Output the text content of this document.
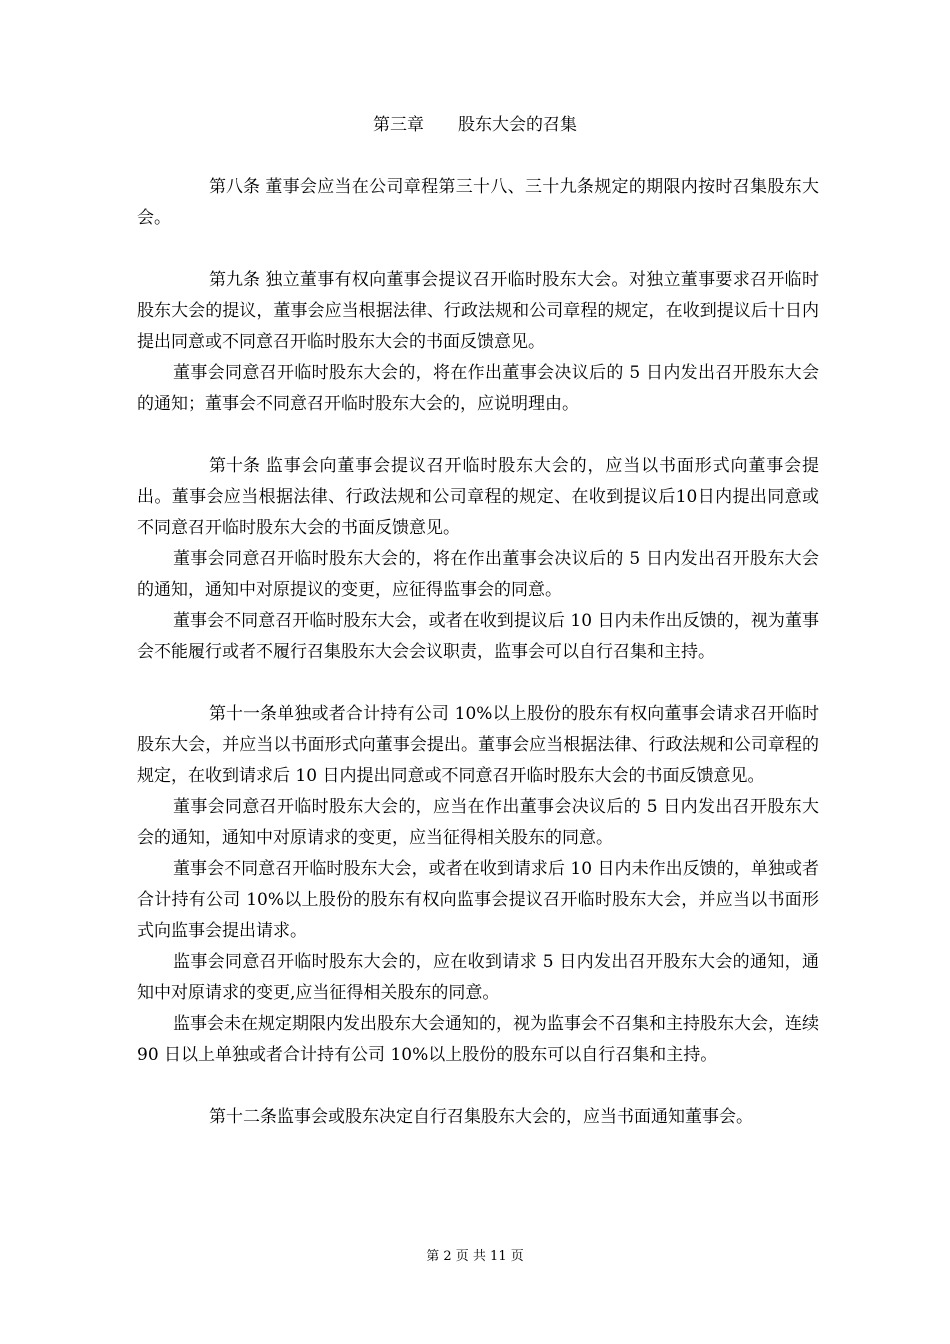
第三章 股东大会的召集

第八条 董事会应当在公司章程第三十八、三十九条规定的期限内按时召集股东大会。

第九条 独立董事有权向董事会提议召开临时股东大会。对独立董事要求召开临时股东大会的提议，董事会应当根据法律、行政法规和公司章程的规定，在收到提议后十日内提出同意或不同意召开临时股东大会的书面反馈意见。

董事会同意召开临时股东大会的，将在作出董事会决议后的 5 日内发出召开股东大会的通知；董事会不同意召开临时股东大会的，应说明理由。

第十条 监事会向董事会提议召开临时股东大会的，应当以书面形式向董事会提出。董事会应当根据法律、行政法规和公司章程的规定、在收到提议后10日内提出同意或不同意召开临时股东大会的书面反馈意见。

董事会同意召开临时股东大会的，将在作出董事会决议后的 5 日内发出召开股东大会的通知，通知中对原提议的变更，应征得监事会的同意。

董事会不同意召开临时股东大会，或者在收到提议后 10 日内未作出反馈的，视为董事会不能履行或者不履行召集股东大会会议职责，监事会可以自行召集和主持。

第十一条单独或者合计持有公司 10%以上股份的股东有权向董事会请求召开临时股东大会，并应当以书面形式向董事会提出。董事会应当根据法律、行政法规和公司章程的规定，在收到请求后 10 日内提出同意或不同意召开临时股东大会的书面反馈意见。

董事会同意召开临时股东大会的，应当在作出董事会决议后的 5 日内发出召开股东大会的通知，通知中对原请求的变更，应当征得相关股东的同意。

董事会不同意召开临时股东大会，或者在收到请求后 10 日内未作出反馈的，单独或者合计持有公司 10%以上股份的股东有权向监事会提议召开临时股东大会，并应当以书面形式向监事会提出请求。

监事会同意召开临时股东大会的，应在收到请求 5 日内发出召开股东大会的通知，通知中对原请求的变更,应当征得相关股东的同意。

监事会未在规定期限内发出股东大会通知的，视为监事会不召集和主持股东大会，连续 90 日以上单独或者合计持有公司 10%以上股份的股东可以自行召集和主持。

第十二条监事会或股东决定自行召集股东大会的，应当书面通知董事会。

第 2 页 共 11 页
